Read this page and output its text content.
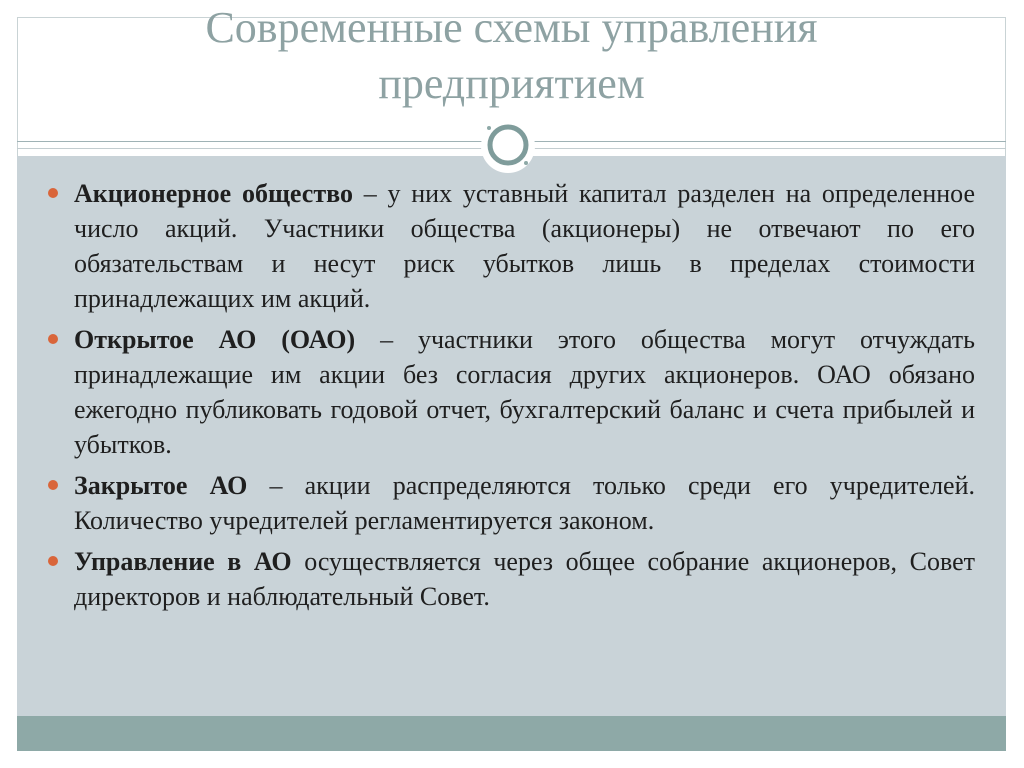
Современные схемы управления
предприятием
Акционерное общество – у них уставный капитал разделен на определенное число акций. Участники общества (акционеры) не отвечают по его обязательствам и несут риск убытков лишь в пределах стоимости принадлежащих им акций.
Открытое АО (ОАО) – участники этого общества могут отчуждать принадлежащие им акции без согласия других акционеров. ОАО обязано ежегодно публиковать годовой отчет, бухгалтерский баланс и счета прибылей и убытков.
Закрытое АО – акции распределяются только среди его учредителей. Количество учредителей регламентируется законом.
Управление в АО осуществляется через общее собрание акционеров, Совет директоров и наблюдательный Совет.
